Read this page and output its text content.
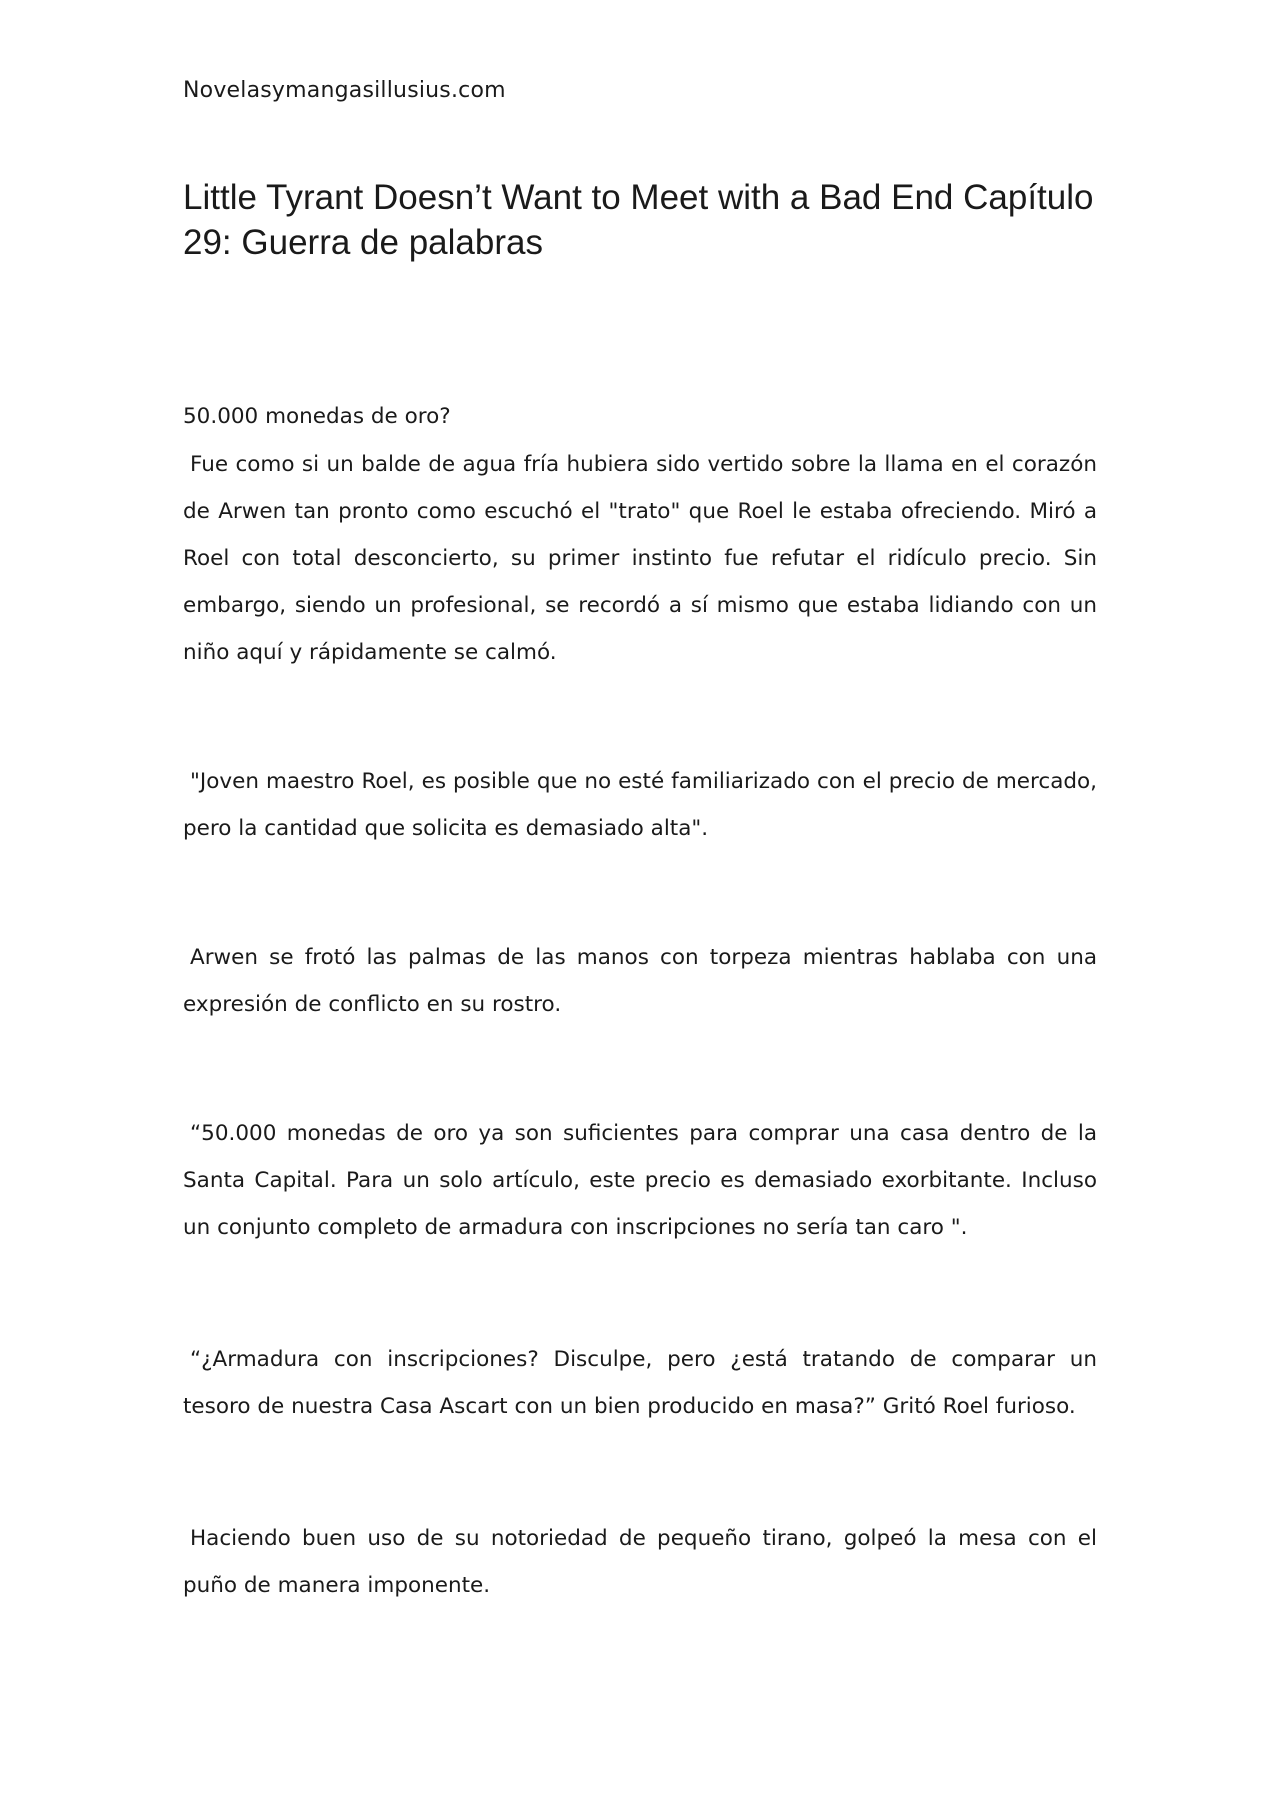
Novelasymangasillusius.com
Little Tyrant Doesn’t Want to Meet with a Bad End Capítulo 29: Guerra de palabras

50.000 monedas de oro?

Fue como si un balde de agua fría hubiera sido vertido sobre la llama en el corazón de Arwen tan pronto como escuchó el "trato" que Roel le estaba ofreciendo. Miró a Roel con total desconcierto, su primer instinto fue refutar el ridículo precio. Sin embargo, siendo un profesional, se recordó a sí mismo que estaba lidiando con un niño aquí y rápidamente se calmó.

"Joven maestro Roel, es posible que no esté familiarizado con el precio de mercado, pero la cantidad que solicita es demasiado alta".

Arwen se frotó las palmas de las manos con torpeza mientras hablaba con una expresión de conflicto en su rostro.

“50.000 monedas de oro ya son suficientes para comprar una casa dentro de la Santa Capital. Para un solo artículo, este precio es demasiado exorbitante. Incluso un conjunto completo de armadura con inscripciones no sería tan caro ".

“¿Armadura con inscripciones? Disculpe, pero ¿está tratando de comparar un tesoro de nuestra Casa Ascart con un bien producido en masa?” Gritó Roel furioso.

Haciendo buen uso de su notoriedad de pequeño tirano, golpeó la mesa con el puño de manera imponente.
